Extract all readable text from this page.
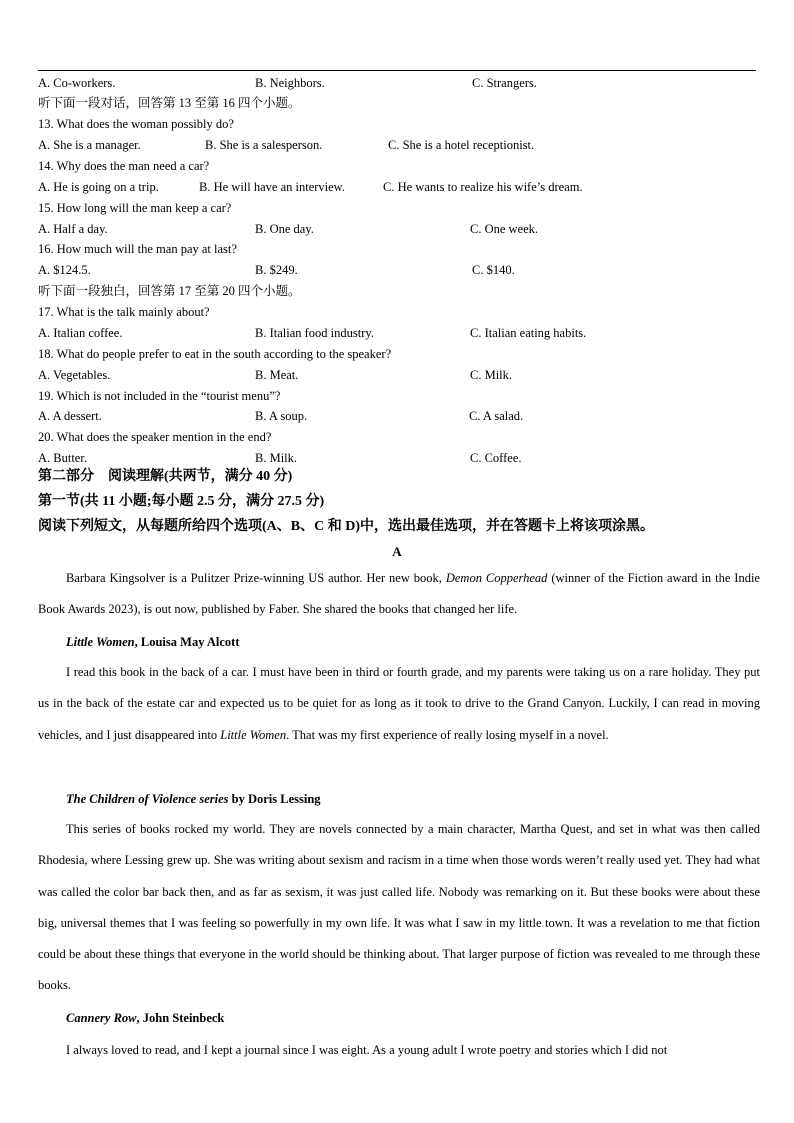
A. Co-workers.	B. Neighbors.	C. Strangers.
听下面一段对话，回答第 13 至第 16 四个小题。
13. What does the woman possibly do?
A. She is a manager.	B. She is a salesperson.	C. She is a hotel receptionist.
14. Why does the man need a car?
A. He is going on a trip.	B. He will have an interview.	C. He wants to realize his wife’s dream.
15. How long will the man keep a car?
A. Half a day.	B. One day.	C. One week.
16. How much will the man pay at last?
A. $124.5.	B. $249.	C. $140.
听下面一段独白，回答第 17 至第 20 四个小题。
17. What is the talk mainly about?
A. Italian coffee.	B. Italian food industry.	C. Italian eating habits.
18. What do people prefer to eat in the south according to the speaker?
A. Vegetables.	B. Meat.	C. Milk.
19. Which is not included in the “tourist menu”?
A. A dessert.	B. A soup.	C. A salad.
20. What does the speaker mention in the end?
A. Butter.	B. Milk.	C. Coffee.
第二部分　阅读理解(共两节，满分 40 分)
第一节(共 11 小题;每小题 2.5 分，满分 27.5 分)
阅读下列短文，从每题所给四个选项(A、B、C 和 D)中，选出最佳选项，并在答题卡上将该项涂黑。
A

Barbara Kingsolver is a Pulitzer Prize-winning US author. Her new book, Demon Copperhead (winner of the Fiction award in the Indie Book Awards 2023), is out now, published by Faber. She shared the books that changed her life.

Little Women, Louisa May Alcott

I read this book in the back of a car. I must have been in third or fourth grade, and my parents were taking us on a rare holiday. They put us in the back of the estate car and expected us to be quiet for as long as it took to drive to the Grand Canyon. Luckily, I can read in moving vehicles, and I just disappeared into Little Women. That was my first experience of really losing myself in a novel.

The Children of Violence series by Doris Lessing

This series of books rocked my world. They are novels connected by a main character, Martha Quest, and set in what was then called Rhodesia, where Lessing grew up. She was writing about sexism and racism in a time when those words weren’t really used yet. They had what was called the color bar back then, and as far as sexism, it was just called life. Nobody was remarking on it. But these books were about these big, universal themes that I was feeling so powerfully in my own life. It was what I saw in my little town. It was a revelation to me that fiction could be about these things that everyone in the world should be thinking about. That larger purpose of fiction was revealed to me through these books.

Cannery Row, John Steinbeck
I always loved to read, and I kept a journal since I was eight. As a young adult I wrote poetry and stories which I did not
